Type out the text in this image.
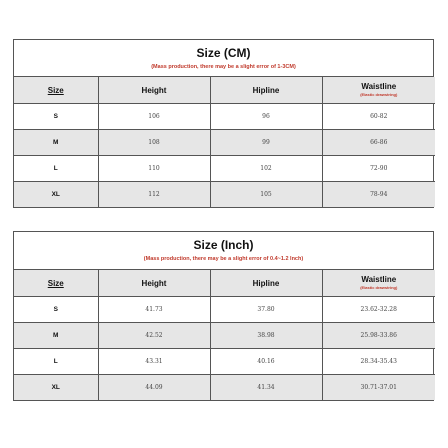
Size (CM)
(Mass production, there may be a slight error of 1-3CM)
Size	Height	Hipline	Waistline
(Elastic drawstring)

S	106	96	60-82
M	108	99	66-86
L	110	102	72-90
XL	112	105	78-94
Size (Inch)
(Mass production, there may be a slight error of 0.4~1.2 Inch)
Size	Height	Hipline	Waistline
(Elastic drawstring)

S	41.73	37.80	23.62-32.28
M	42.52	38.98	25.98-33.86
L	43.31	40.16	28.34-35.43
XL	44.09	41.34	30.71-37.01
